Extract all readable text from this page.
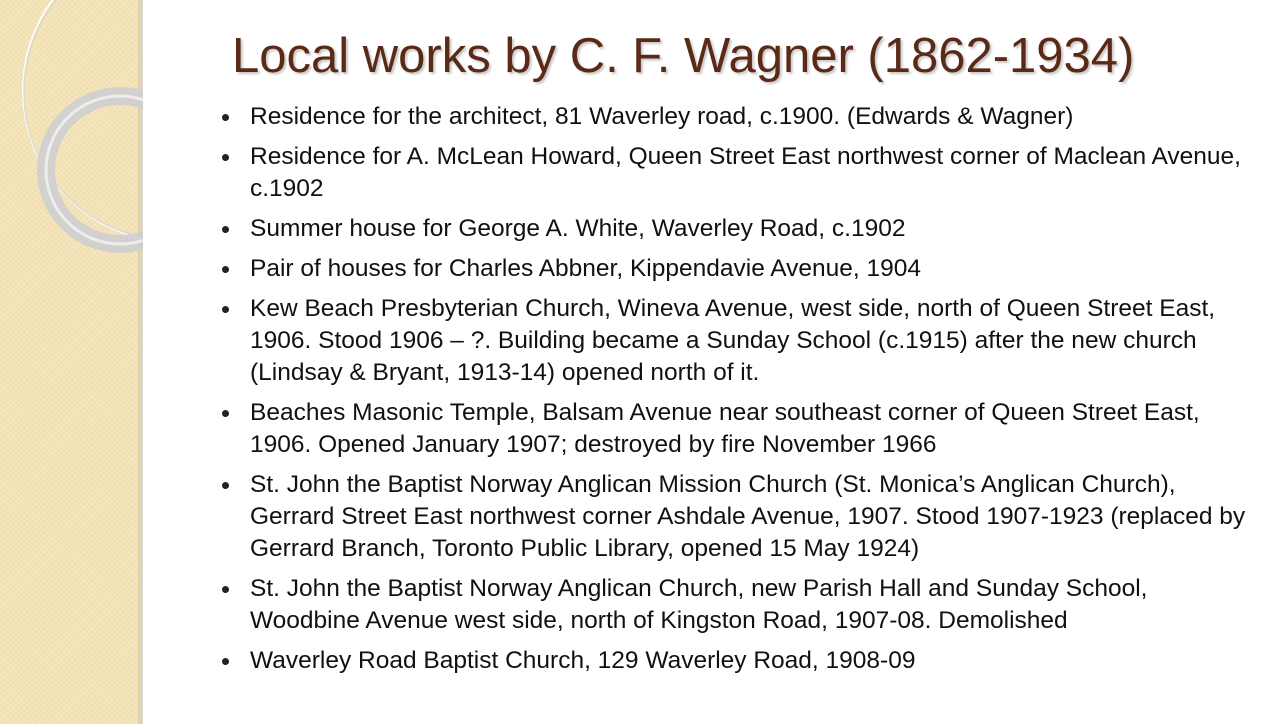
Local works by C. F. Wagner (1862-1934)
Residence for the architect, 81 Waverley road, c.1900. (Edwards & Wagner)
Residence for A. McLean Howard, Queen Street East northwest corner of Maclean Avenue, c.1902
Summer house for George A. White, Waverley Road, c.1902
Pair of houses for Charles Abbner, Kippendavie Avenue, 1904
Kew Beach Presbyterian Church, Wineva Avenue, west side, north of Queen Street East, 1906. Stood 1906 – ?. Building became a Sunday School (c.1915) after the new church (Lindsay & Bryant, 1913-14) opened north of it.
Beaches Masonic Temple, Balsam Avenue near southeast corner of Queen Street East, 1906. Opened January 1907; destroyed by fire November 1966
St. John the Baptist Norway Anglican Mission Church (St. Monica’s Anglican Church), Gerrard Street East northwest corner Ashdale Avenue, 1907. Stood 1907-1923 (replaced by Gerrard Branch, Toronto Public Library, opened 15 May 1924)
St. John the Baptist Norway Anglican Church, new Parish Hall and Sunday School, Woodbine Avenue west side, north of Kingston Road, 1907-08. Demolished
Waverley Road Baptist Church, 129 Waverley Road, 1908-09
